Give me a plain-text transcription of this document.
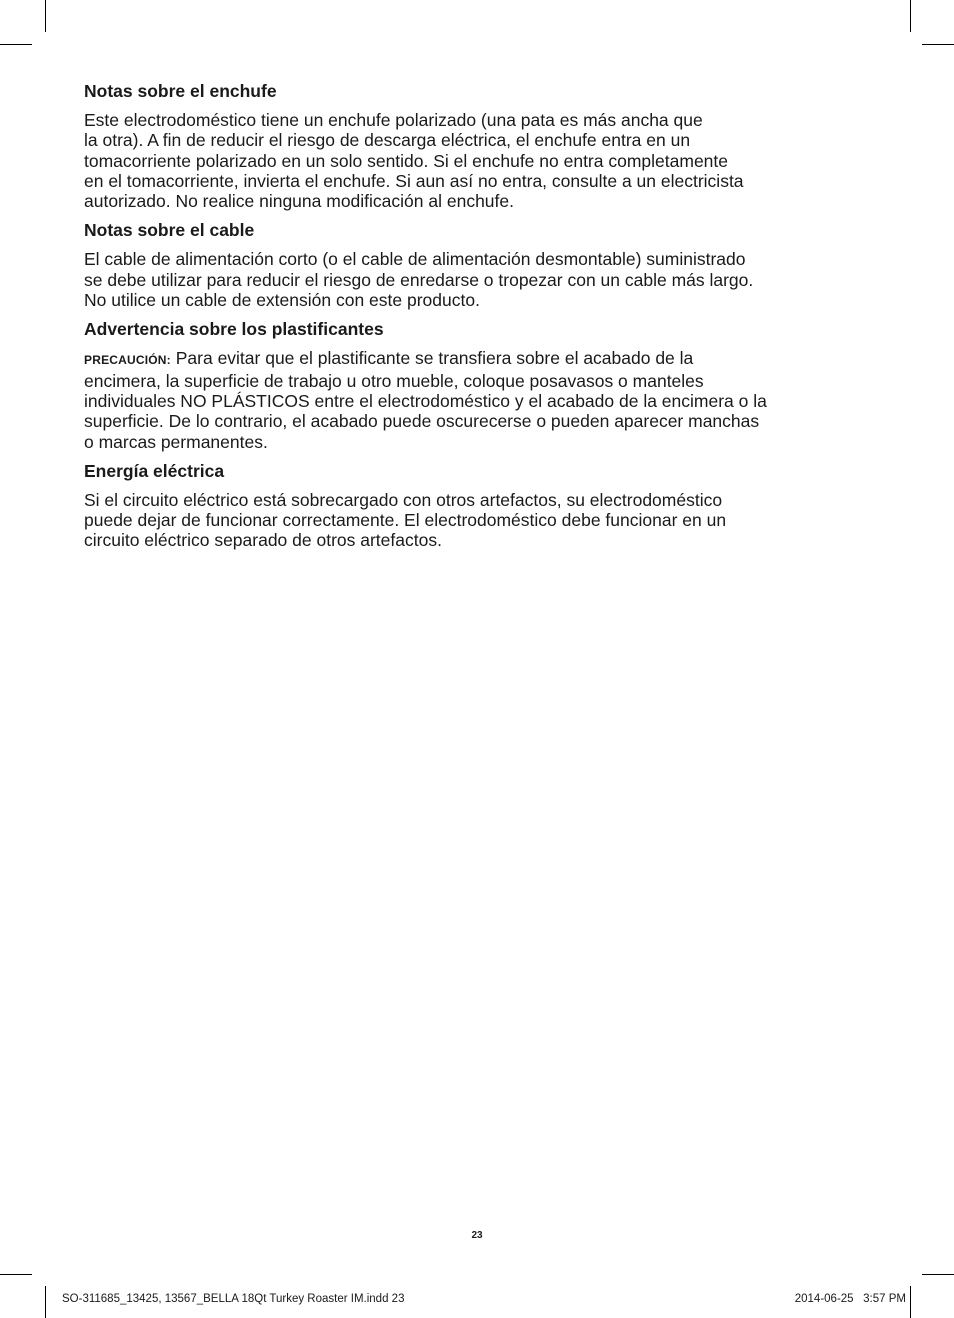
Notas sobre el enchufe

Este electrodoméstico tiene un enchufe polarizado (una pata es más ancha que
la otra). A fin de reducir el riesgo de descarga eléctrica, el enchufe entra en un
tomacorriente polarizado en un solo sentido. Si el enchufe no entra completamente
en el tomacorriente, invierta el enchufe. Si aun así no entra, consulte a un electricista
autorizado. No realice ninguna modificación al enchufe.

Notas sobre el cable

El cable de alimentación corto (o el cable de alimentación desmontable) suministrado
se debe utilizar para reducir el riesgo de enredarse o tropezar con un cable más largo.
No utilice un cable de extensión con este producto.

Advertencia sobre los plastificantes

PRECAUCIÓN: Para evitar que el plastificante se transfiera sobre el acabado de la
encimera, la superficie de trabajo u otro mueble, coloque posavasos o manteles
individuales NO PLÁSTICOS entre el electrodoméstico y el acabado de la encimera o la
superficie. De lo contrario, el acabado puede oscurecerse o pueden aparecer manchas
o marcas permanentes.

Energía eléctrica

Si el circuito eléctrico está sobrecargado con otros artefactos, su electrodoméstico
puede dejar de funcionar correctamente. El electrodoméstico debe funcionar en un
circuito eléctrico separado de otros artefactos.

23
SO-311685_13425, 13567_BELLA 18Qt Turkey Roaster IM.indd 23	2014-06-25   3:57 PM
